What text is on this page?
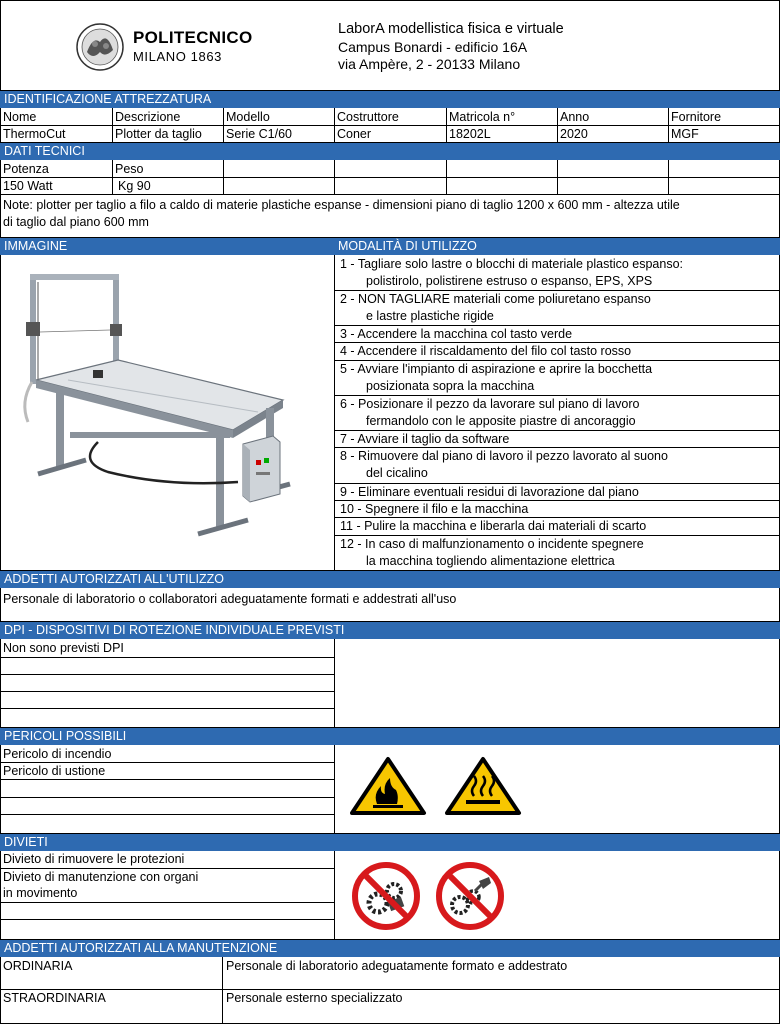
POLITECNICO
MILANO 1863
LaborA modellistica fisica e virtuale
Campus Bonardi - edificio 16A
via Ampère, 2 - 20133 Milano
IDENTIFICAZIONE ATTREZZATURA
Nome	Descrizione	Modello	Costruttore	Matricola n°	Anno	Fornitore
ThermoCut	Plotter da taglio	Serie C1/60	Coner	18202L	2020	MGF
DATI TECNICI
Potenza	Peso
150 Watt	Kg 90
Note: plotter per taglio a filo a caldo di materie plastiche espanse - dimensioni piano di taglio 1200 x 600 mm - altezza utile
di taglio dal piano 600 mm
IMMAGINE	MODALITÀ DI UTILIZZO
1 - Tagliare solo lastre o blocchi di materiale plastico espanso:
polistirolo, polistirene estruso o espanso, EPS, XPS
2 - NON TAGLIARE materiali come poliuretano espanso
e lastre plastiche rigide
3 - Accendere la macchina col tasto verde
4 - Accendere il riscaldamento del filo col tasto rosso
5 - Avviare l'impianto di aspirazione e aprire la bocchetta
posizionata sopra la macchina
6 - Posizionare il pezzo da lavorare sul piano di lavoro
fermandolo con le apposite piastre di ancoraggio
7 - Avviare il taglio da software
8 - Rimuovere dal piano di lavoro il pezzo lavorato al suono
del cicalino
9 - Eliminare eventuali residui di lavorazione dal piano
10 - Spegnere il filo e la macchina
11 - Pulire la macchina e liberarla dai materiali di scarto
12 - In caso di malfunzionamento o incidente spegnere
la macchina togliendo alimentazione elettrica
ADDETTI AUTORIZZATI ALL'UTILIZZO
Personale di laboratorio o collaboratori adeguatamente formati e addestrati all'uso
DPI - DISPOSITIVI DI ROTEZIONE INDIVIDUALE PREVISTI
Non sono previsti DPI
PERICOLI POSSIBILI
Pericolo di incendio
Pericolo di ustione
DIVIETI
Divieto di rimuovere le protezioni
Divieto di manutenzione con organi
in movimento
ADDETTI AUTORIZZATI ALLA MANUTENZIONE
ORDINARIA	Personale di laboratorio adeguatamente formato e addestrato
STRAORDINARIA	Personale esterno specializzato
